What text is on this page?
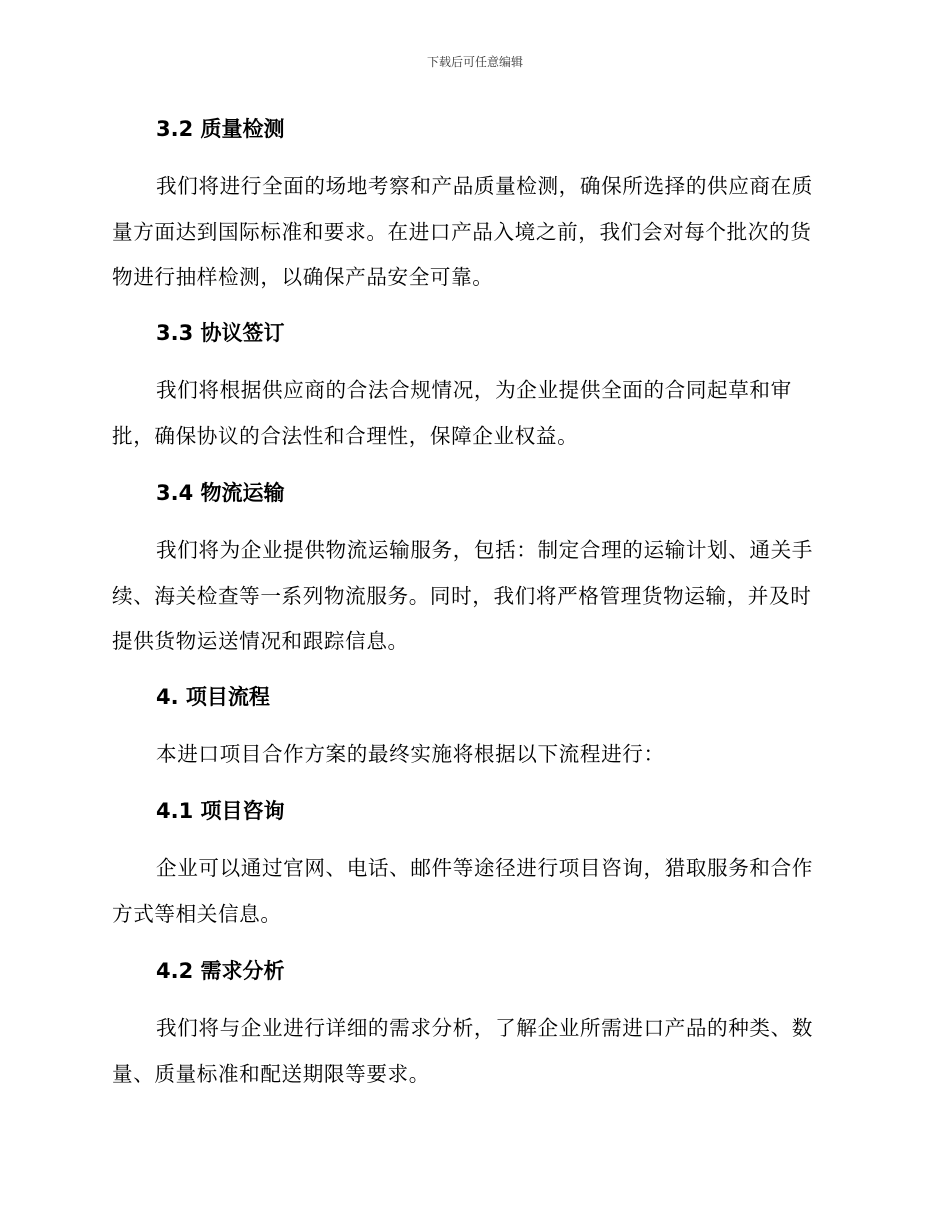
下载后可任意编辑
3.2 质量检测

我们将进行全面的场地考察和产品质量检测，确保所选择的供应商在质量方面达到国际标准和要求。在进口产品入境之前，我们会对每个批次的货物进行抽样检测，以确保产品安全可靠。

3.3 协议签订

我们将根据供应商的合法合规情况，为企业提供全面的合同起草和审批，确保协议的合法性和合理性，保障企业权益。

3.4 物流运输

我们将为企业提供物流运输服务，包括：制定合理的运输计划、通关手续、海关检查等一系列物流服务。同时，我们将严格管理货物运输，并及时提供货物运送情况和跟踪信息。

4. 项目流程

本进口项目合作方案的最终实施将根据以下流程进行：

4.1 项目咨询

企业可以通过官网、电话、邮件等途径进行项目咨询，猎取服务和合作方式等相关信息。

4.2 需求分析

我们将与企业进行详细的需求分析，了解企业所需进口产品的种类、数量、质量标准和配送期限等要求。
